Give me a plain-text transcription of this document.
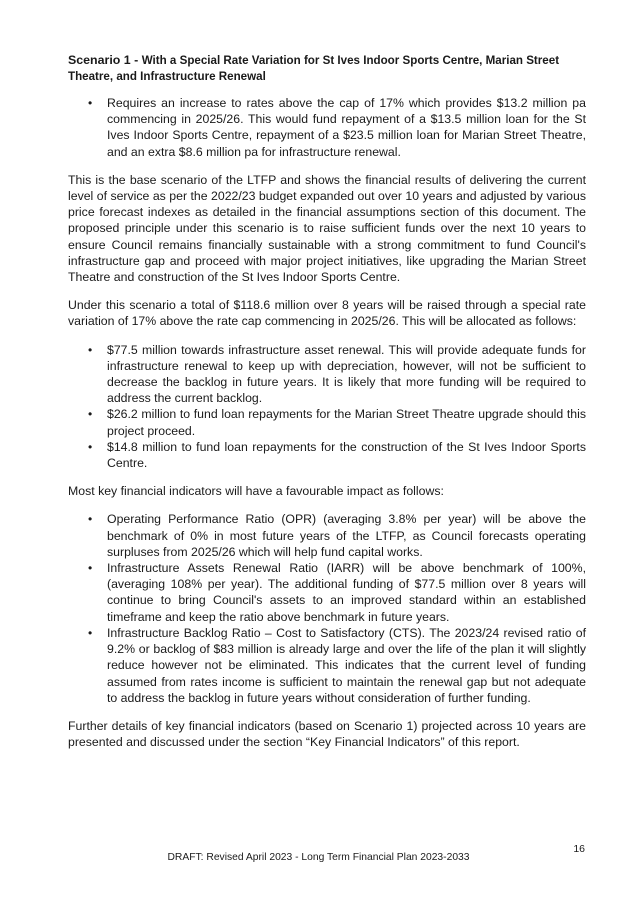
Scenario 1 - With a Special Rate Variation for St Ives Indoor Sports Centre, Marian Street Theatre, and Infrastructure Renewal
• Requires an increase to rates above the cap of 17% which provides $13.2 million pa commencing in 2025/26. This would fund repayment of a $13.5 million loan for the St Ives Indoor Sports Centre, repayment of a $23.5 million loan for Marian Street Theatre, and an extra $8.6 million pa for infrastructure renewal.

This is the base scenario of the LTFP and shows the financial results of delivering the current level of service as per the 2022/23 budget expanded out over 10 years and adjusted by various price forecast indexes as detailed in the financial assumptions section of this document. The proposed principle under this scenario is to raise sufficient funds over the next 10 years to ensure Council remains financially sustainable with a strong commitment to fund Council's infrastructure gap and proceed with major project initiatives, like upgrading the Marian Street Theatre and construction of the St Ives Indoor Sports Centre.

Under this scenario a total of $118.6 million over 8 years will be raised through a special rate variation of 17% above the rate cap commencing in 2025/26. This will be allocated as follows:

• $77.5 million towards infrastructure asset renewal. This will provide adequate funds for infrastructure renewal to keep up with depreciation, however, will not be sufficient to decrease the backlog in future years. It is likely that more funding will be required to address the current backlog.
• $26.2 million to fund loan repayments for the Marian Street Theatre upgrade should this project proceed.
• $14.8 million to fund loan repayments for the construction of the St Ives Indoor Sports Centre.

Most key financial indicators will have a favourable impact as follows:

• Operating Performance Ratio (OPR) (averaging 3.8% per year) will be above the benchmark of 0% in most future years of the LTFP, as Council forecasts operating surpluses from 2025/26 which will help fund capital works.
• Infrastructure Assets Renewal Ratio (IARR) will be above benchmark of 100%, (averaging 108% per year). The additional funding of $77.5 million over 8 years will continue to bring Council's assets to an improved standard within an established timeframe and keep the ratio above benchmark in future years.
• Infrastructure Backlog Ratio – Cost to Satisfactory (CTS). The 2023/24 revised ratio of 9.2% or backlog of $83 million is already large and over the life of the plan it will slightly reduce however not be eliminated. This indicates that the current level of funding assumed from rates income is sufficient to maintain the renewal gap but not adequate to address the backlog in future years without consideration of further funding.

Further details of key financial indicators (based on Scenario 1) projected across 10 years are presented and discussed under the section “Key Financial Indicators” of this report.

16
DRAFT: Revised April 2023 - Long Term Financial Plan 2023-2033
